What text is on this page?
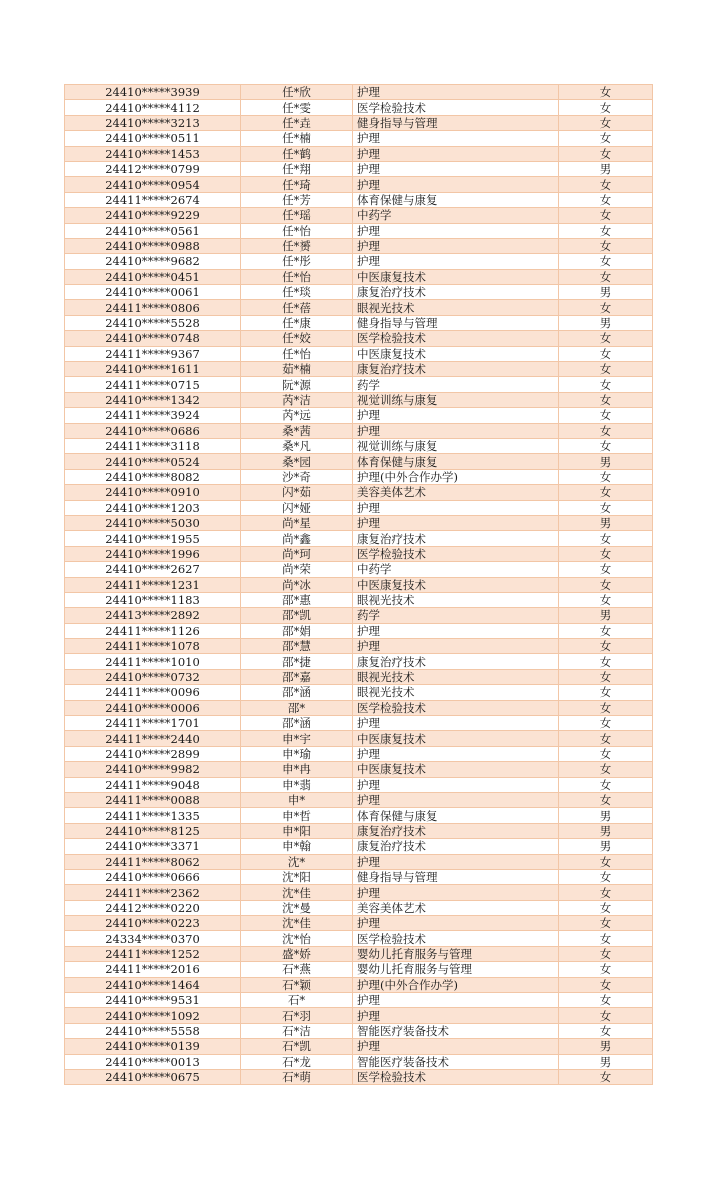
24410*****3939	任*欣	护理	女
24410*****4112	任*雯	医学检验技术	女
24410*****3213	任*垚	健身指导与管理	女
24410*****0511	任*楠	护理	女
24410*****1453	任*鹤	护理	女
24412*****0799	任*翔	护理	男
24410*****0954	任*琦	护理	女
24411*****2674	任*芳	体育保健与康复	女
24410*****9229	任*瑶	中药学	女
24410*****0561	任*怡	护理	女
24410*****0988	任*赟	护理	女
24410*****9682	任*彤	护理	女
24410*****0451	任*怡	中医康复技术	女
24410*****0061	任*琰	康复治疗技术	男
24411*****0806	任*蓓	眼视光技术	女
24410*****5528	任*康	健身指导与管理	男
24410*****0748	任*姣	医学检验技术	女
24411*****9367	任*怡	中医康复技术	女
24410*****1611	茹*楠	康复治疗技术	女
24411*****0715	阮*源	药学	女
24410*****1342	芮*洁	视觉训练与康复	女
24411*****3924	芮*远	护理	女
24410*****0686	桑*茜	护理	女
24411*****3118	桑*凡	视觉训练与康复	女
24410*****0524	桑*园	体育保健与康复	男
24410*****8082	沙*奇	护理(中外合作办学)	女
24410*****0910	闪*茹	美容美体艺术	女
24410*****1203	闪*娅	护理	女
24410*****5030	尚*星	护理	男
24410*****1955	尚*鑫	康复治疗技术	女
24410*****1996	尚*珂	医学检验技术	女
24410*****2627	尚*荣	中药学	女
24411*****1231	尚*冰	中医康复技术	女
24410*****1183	邵*惠	眼视光技术	女
24413*****2892	邵*凯	药学	男
24411*****1126	邵*娟	护理	女
24411*****1078	邵*慧	护理	女
24411*****1010	邵*捷	康复治疗技术	女
24410*****0732	邵*嘉	眼视光技术	女
24411*****0096	邵*涵	眼视光技术	女
24410*****0006	邵*	医学检验技术	女
24411*****1701	邵*涵	护理	女
24411*****2440	申*宇	中医康复技术	女
24410*****2899	申*瑜	护理	女
24410*****9982	申*冉	中医康复技术	女
24411*****9048	申*翡	护理	女
24411*****0088	申*	护理	女
24411*****1335	申*哲	体育保健与康复	男
24410*****8125	申*阳	康复治疗技术	男
24410*****3371	申*翰	康复治疗技术	男
24411*****8062	沈*	护理	女
24410*****0666	沈*阳	健身指导与管理	女
24411*****2362	沈*佳	护理	女
24412*****0220	沈*曼	美容美体艺术	女
24410*****0223	沈*佳	护理	女
24334*****0370	沈*怡	医学检验技术	女
24411*****1252	盛*娇	婴幼儿托育服务与管理	女
24411*****2016	石*燕	婴幼儿托育服务与管理	女
24410*****1464	石*颖	护理(中外合作办学)	女
24410*****9531	石*	护理	女
24410*****1092	石*羽	护理	女
24410*****5558	石*洁	智能医疗装备技术	女
24410*****0139	石*凯	护理	男
24410*****0013	石*龙	智能医疗装备技术	男
24410*****0675	石*萌	医学检验技术	女
